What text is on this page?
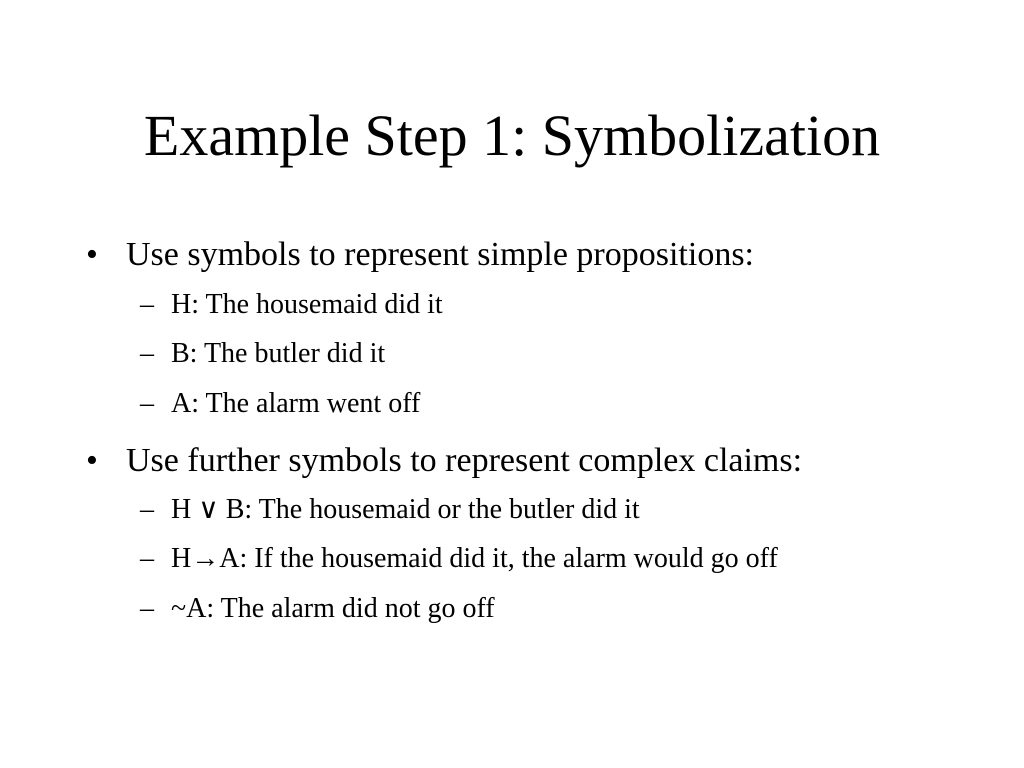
Example Step 1: Symbolization
• Use symbols to represent simple propositions:
– H: The housemaid did it
– B: The butler did it
– A: The alarm went off
• Use further symbols to represent complex claims:
– H ∨ B: The housemaid or the butler did it
– H→A: If the housemaid did it, the alarm would go off
– ~A: The alarm did not go off
